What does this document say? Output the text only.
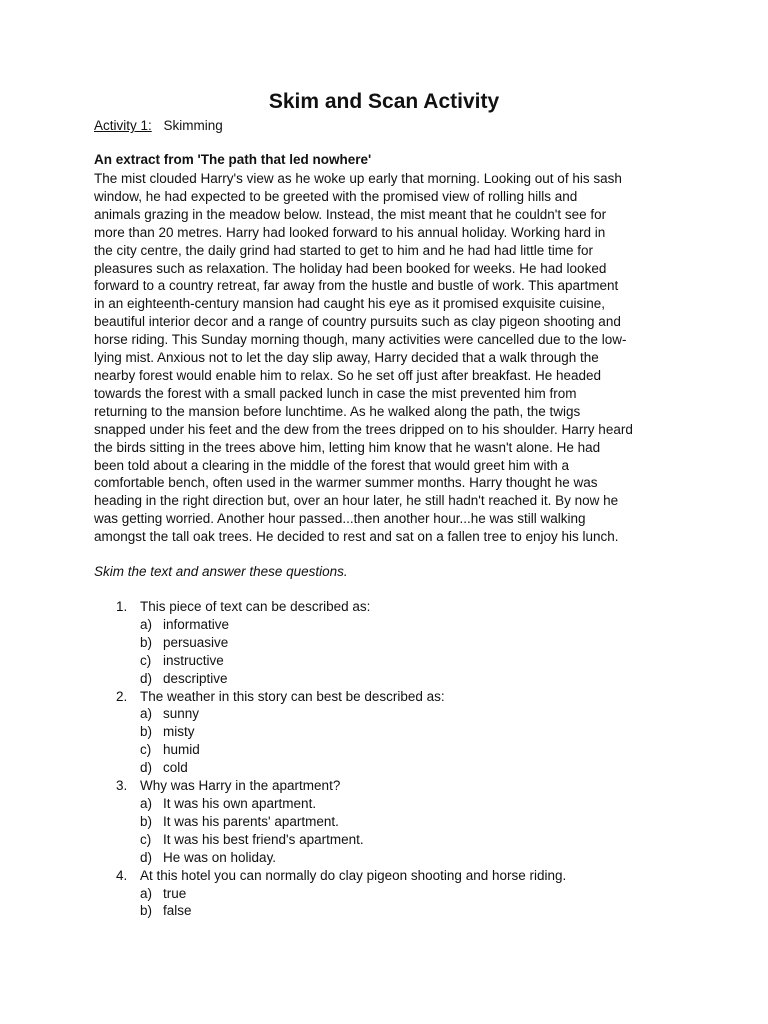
Skim and Scan Activity
Activity 1: Skimming
An extract from 'The path that led nowhere'
The mist clouded Harry's view as he woke up early that morning. Looking out of his sash
window, he had expected to be greeted with the promised view of rolling hills and
animals grazing in the meadow below. Instead, the mist meant that he couldn't see for
more than 20 metres. Harry had looked forward to his annual holiday. Working hard in
the city centre, the daily grind had started to get to him and he had had little time for
pleasures such as relaxation. The holiday had been booked for weeks. He had looked
forward to a country retreat, far away from the hustle and bustle of work. This apartment
in an eighteenth-century mansion had caught his eye as it promised exquisite cuisine,
beautiful interior decor and a range of country pursuits such as clay pigeon shooting and
horse riding. This Sunday morning though, many activities were cancelled due to the low-
lying mist. Anxious not to let the day slip away, Harry decided that a walk through the
nearby forest would enable him to relax. So he set off just after breakfast. He headed
towards the forest with a small packed lunch in case the mist prevented him from
returning to the mansion before lunchtime. As he walked along the path, the twigs
snapped under his feet and the dew from the trees dripped on to his shoulder. Harry heard
the birds sitting in the trees above him, letting him know that he wasn't alone. He had
been told about a clearing in the middle of the forest that would greet him with a
comfortable bench, often used in the warmer summer months. Harry thought he was
heading in the right direction but, over an hour later, he still hadn't reached it. By now he
was getting worried. Another hour passed...then another hour...he was still walking
amongst the tall oak trees. He decided to rest and sat on a fallen tree to enjoy his lunch.
Skim the text and answer these questions.
1. This piece of text can be described as:
a) informative
b) persuasive
c) instructive
d) descriptive
2. The weather in this story can best be described as:
a) sunny
b) misty
c) humid
d) cold
3. Why was Harry in the apartment?
a) It was his own apartment.
b) It was his parents' apartment.
c) It was his best friend's apartment.
d) He was on holiday.
4. At this hotel you can normally do clay pigeon shooting and horse riding.
a) true
b) false
